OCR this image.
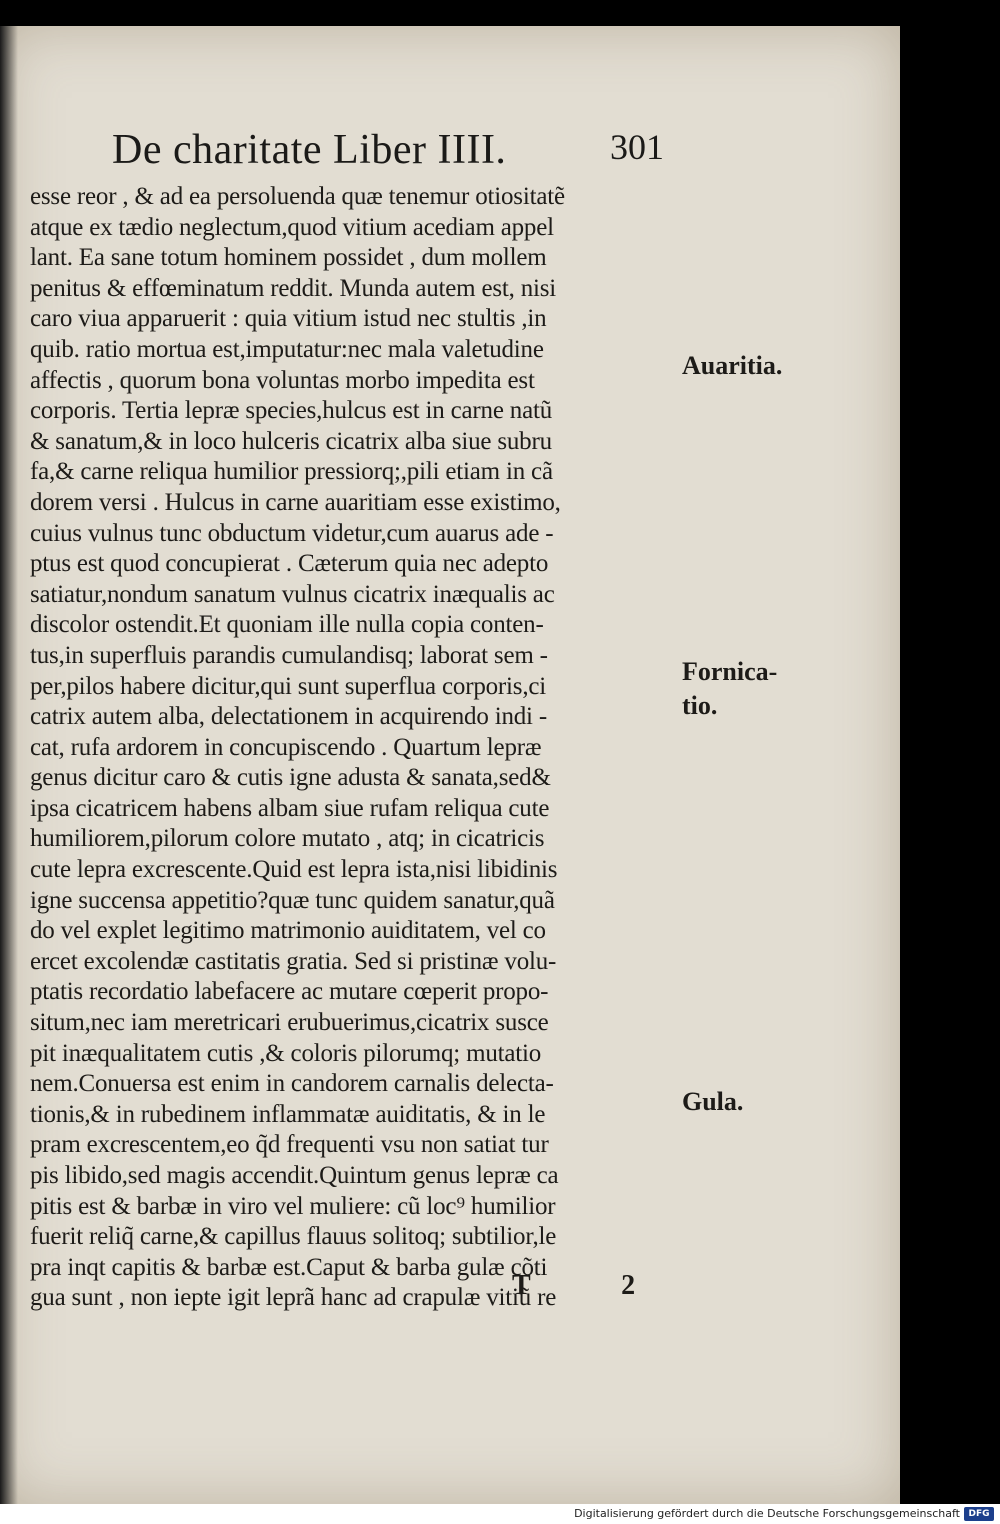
De charitate Liber IIII.	301
esse reor , & ad ea persoluenda quæ tenemur otiositatẽ
atque ex tædio neglectum,quod vitium acediam appel
lant. Ea sane totum hominem possidet , dum mollem
penitus & effœminatum reddit. Munda autem est, nisi
caro viua apparuerit : quia vitium istud nec stultis ,in
quib. ratio mortua est,imputatur:nec mala valetudine
affectis , quorum bona voluntas morbo impedita est
corporis. Tertia lepræ species,hulcus est in carne natũ
& sanatum,& in loco hulceris cicatrix alba siue subru
fa,& carne reliqua humilior pressiorq;,pili etiam in cã
dorem versi . Hulcus in carne auaritiam esse existimo,
cuius vulnus tunc obductum videtur,cum auarus ade -
ptus est quod concupierat . Cæterum quia nec adepto
satiatur,nondum sanatum vulnus cicatrix inæqualis ac
discolor ostendit.Et quoniam ille nulla copia conten-
tus,in superfluis parandis cumulandisq; laborat sem -
per,pilos habere dicitur,qui sunt superflua corporis,ci
catrix autem alba, delectationem in acquirendo indi -
cat, rufa ardorem in concupiscendo . Quartum lepræ
genus dicitur caro & cutis igne adusta & sanata,sed&
ipsa cicatricem habens albam siue rufam reliqua cute
humiliorem,pilorum colore mutato , atq; in cicatricis
cute lepra excrescente.Quid est lepra ista,nisi libidinis
igne succensa appetitio?quæ tunc quidem sanatur,quã
do vel explet legitimo matrimonio auiditatem, vel co
ercet excolendæ castitatis gratia. Sed si pristinæ volu-
ptatis recordatio labefacere ac mutare cœperit propo-
situm,nec iam meretricari erubuerimus,cicatrix susce
pit inæqualitatem cutis ,& coloris pilorumq; mutatio
nem.Conuersa est enim in candorem carnalis delecta-
tionis,& in rubedinem inflammatæ auiditatis, & in le
pram excrescentem,eo q̃d frequenti vsu non satiat tur
pis libido,sed magis accendit.Quintum genus lepræ ca
pitis est & barbæ in viro vel muliere: cũ loc⁹ humilior
fuerit reliq̃ carne,& capillus flauus solitoq; subtilior,le
pra inqt capitis & barbæ est.Caput & barba gulæ cõti
gua sunt , non iepte igit leprã hanc ad crapulæ vitiũ re
Auaritia.
Fornica-
tio.
Gula.
T 2
Digitalisierung gefördert durch die Deutsche Forschungsgemeinschaft DFG
